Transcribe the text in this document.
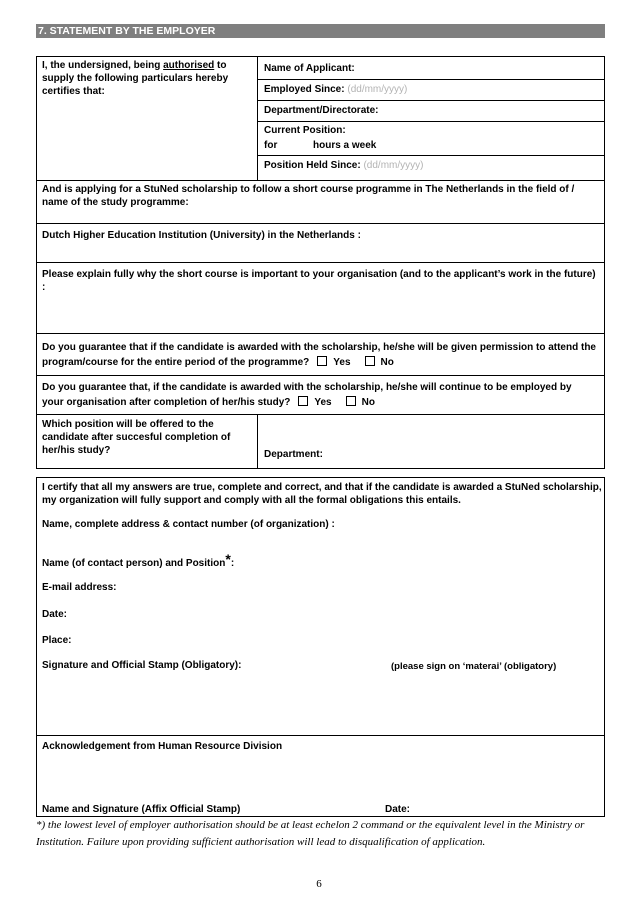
7. STATEMENT BY THE EMPLOYER
I, the undersigned, being authorised to supply the following particulars hereby certifies that:
Name of Applicant:
Employed Since: (dd/mm/yyyy)
Department/Directorate:
Current Position:
for	hours a week
Position Held Since: (dd/mm/yyyy)
And is applying for a StuNed scholarship to follow a short course programme in The Netherlands in the field of / name of the study programme:
Dutch Higher Education Institution (University) in the Netherlands :
Please explain fully why the short course is important to your organisation (and to the applicant’s work in the future) :
Do you guarantee that if the candidate is awarded with the scholarship, he/she will be given permission to attend the program/course for the entire period of the programme? Yes	No
Do you guarantee that, if the candidate is awarded with the scholarship, he/she will continue to be employed by your organisation after completion of her/his study? Yes	No
Which position will be offered to the candidate after succesful completion of her/his study?	Department:
I certify that all my answers are true, complete and correct, and that if the candidate is awarded a StuNed scholarship, my organization will fully support and comply with all the formal obligations this entails.
Name, complete address & contact number (of organization) :
Name (of contact person) and Position*:
E-mail address:
Date:
Place:
Signature and Official Stamp (Obligatory):	(please sign on ‘materai’ (obligatory)
Acknowledgement from Human Resource Division
Name and Signature (Affix Official Stamp)	Date:
*) the lowest level of employer authorisation should be at least echelon 2 command or the equivalent level in the Ministry or Institution. Failure upon providing sufficient authorisation will lead to disqualification of application.
6
